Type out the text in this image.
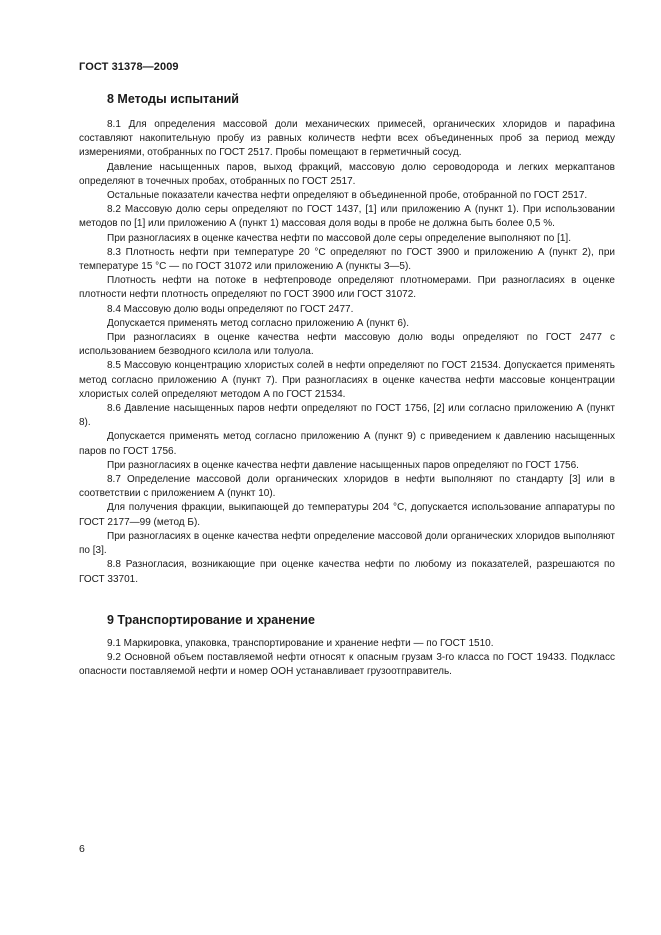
ГОСТ 31378—2009
8 Методы испытаний

8.1 Для определения массовой доли механических примесей, органических хлоридов и парафина составляют накопительную пробу из равных количеств нефти всех объединенных проб за период между измерениями, отобранных по ГОСТ 2517. Пробы помещают в герметичный сосуд.

Давление насыщенных паров, выход фракций, массовую долю сероводорода и легких меркаптанов определяют в точечных пробах, отобранных по ГОСТ 2517.

Остальные показатели качества нефти определяют в объединенной пробе, отобранной по ГОСТ 2517.

8.2 Массовую долю серы определяют по ГОСТ 1437, [1] или приложению А (пункт 1). При использовании методов по [1] или приложению А (пункт 1) массовая доля воды в пробе не должна быть более 0,5 %.

При разногласиях в оценке качества нефти по массовой доле серы определение выполняют по [1].

8.3 Плотность нефти при температуре 20 °С определяют по ГОСТ 3900 и приложению А (пункт 2), при температуре 15 °С — по ГОСТ 31072 или приложению А (пункты 3—5).

Плотность нефти на потоке в нефтепроводе определяют плотномерами. При разногласиях в оценке плотности нефти плотность определяют по ГОСТ 3900 или ГОСТ 31072.

8.4 Массовую долю воды определяют по ГОСТ 2477.

Допускается применять метод согласно приложению А (пункт 6).

При разногласиях в оценке качества нефти массовую долю воды определяют по ГОСТ 2477 с использованием безводного ксилола или толуола.

8.5 Массовую концентрацию хлористых солей в нефти определяют по ГОСТ 21534. Допускается применять метод согласно приложению А (пункт 7). При разногласиях в оценке качества нефти массовые концентрации хлористых солей определяют методом А по ГОСТ 21534.

8.6 Давление насыщенных паров нефти определяют по ГОСТ 1756, [2] или согласно приложению А (пункт 8).

Допускается применять метод согласно приложению А (пункт 9) с приведением к давлению насыщенных паров по ГОСТ 1756.

При разногласиях в оценке качества нефти давление насыщенных паров определяют по ГОСТ 1756.

8.7 Определение массовой доли органических хлоридов в нефти выполняют по стандарту [3] или в соответствии с приложением А (пункт 10).

Для получения фракции, выкипающей до температуры 204 °С, допускается использование аппаратуры по ГОСТ 2177—99 (метод Б).

При разногласиях в оценке качества нефти определение массовой доли органических хлоридов выполняют по [3].

8.8 Разногласия, возникающие при оценке качества нефти по любому из показателей, разрешаются по ГОСТ 33701.

9 Транспортирование и хранение

9.1 Маркировка, упаковка, транспортирование и хранение нефти — по ГОСТ 1510.

9.2 Основной объем поставляемой нефти относят к опасным грузам 3-го класса по ГОСТ 19433. Подкласс опасности поставляемой нефти и номер ООН устанавливает грузоотправитель.

6
